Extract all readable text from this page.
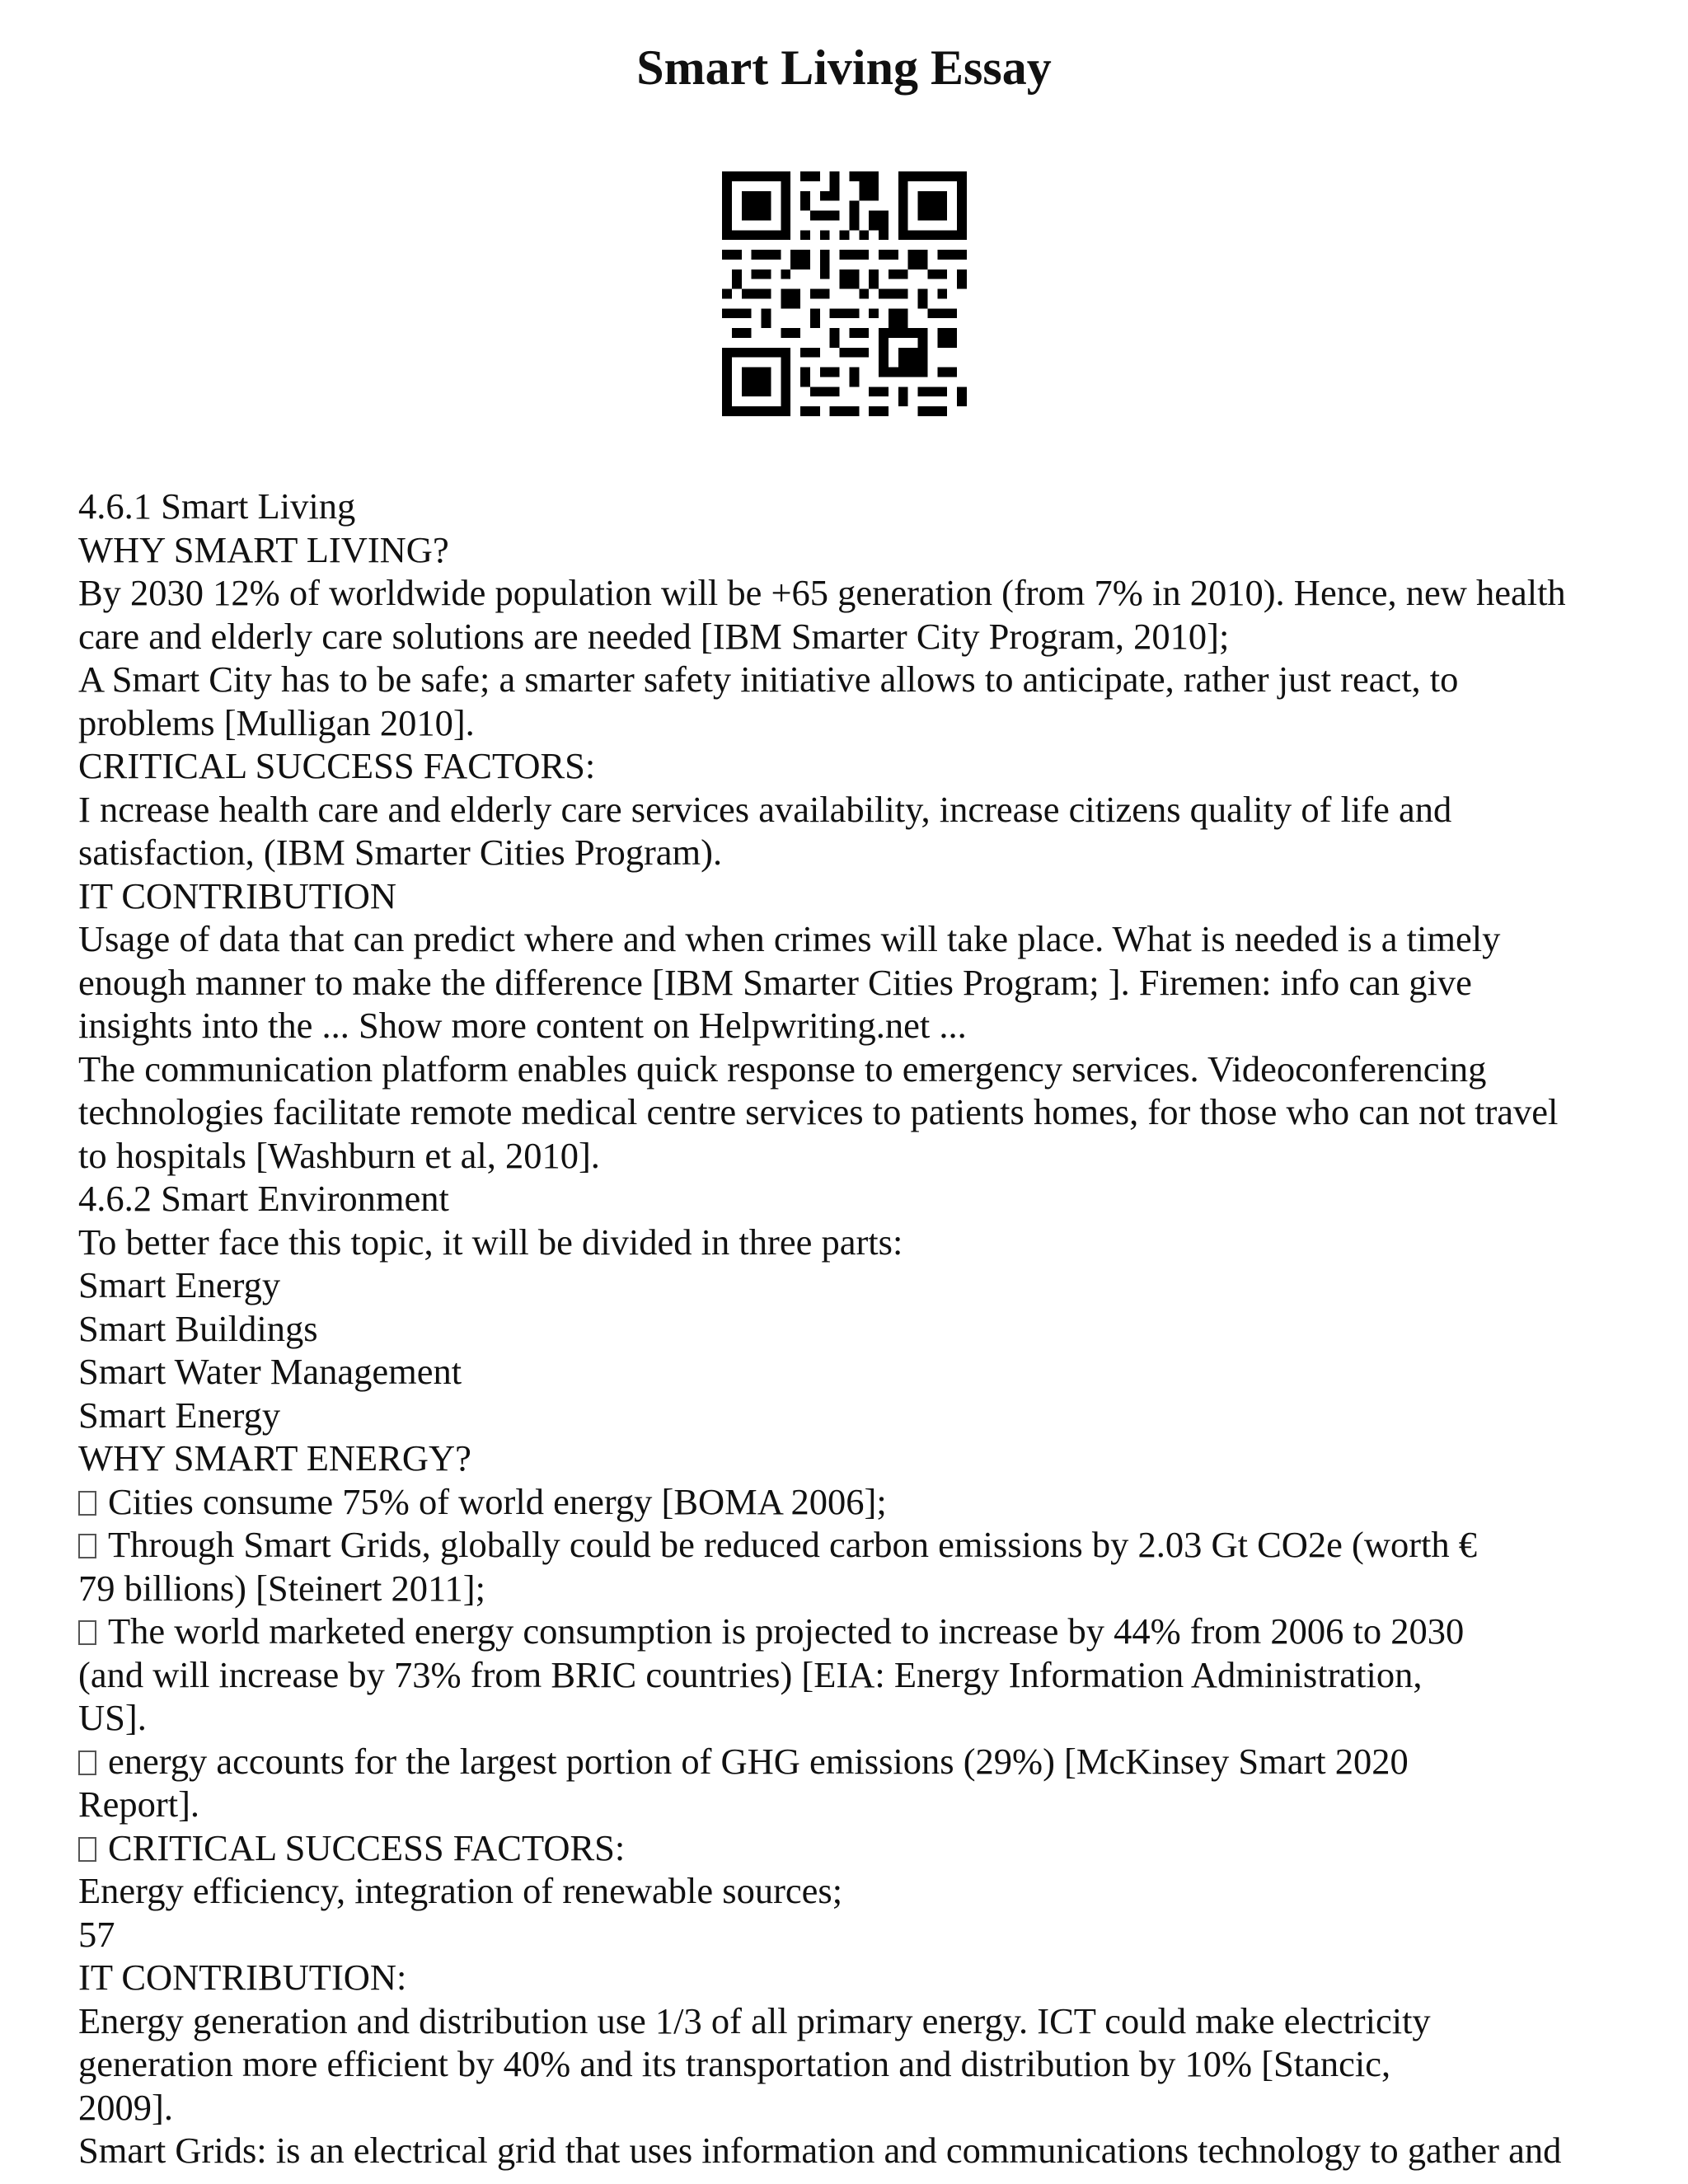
Smart Living Essay
4.6.1 Smart Living
WHY SMART LIVING?
By 2030 12% of worldwide population will be +65 generation (from 7% in 2010). Hence, new health
care and elderly care solutions are needed [IBM Smarter City Program, 2010];
A Smart City has to be safe; a smarter safety initiative allows to anticipate, rather just react, to
problems [Mulligan 2010].
CRITICAL SUCCESS FACTORS:
I ncrease health care and elderly care services availability, increase citizens quality of life and
satisfaction, (IBM Smarter Cities Program).
IT CONTRIBUTION
Usage of data that can predict where and when crimes will take place. What is needed is a timely
enough manner to make the difference [IBM Smarter Cities Program; ]. Firemen: info can give
insights into the ... Show more content on Helpwriting.net ...
The communication platform enables quick response to emergency services. Videoconferencing
technologies facilitate remote medical centre services to patients homes, for those who can not travel
to hospitals [Washburn et al, 2010].
4.6.2 Smart Environment
To better face this topic, it will be divided in three parts:
Smart Energy
Smart Buildings
Smart Water Management
Smart Energy
WHY SMART ENERGY?
Cities consume 75% of world energy [BOMA 2006];
Through Smart Grids, globally could be reduced carbon emissions by 2.03 Gt CO2e (worth €
79 billions) [Steinert 2011];
The world marketed energy consumption is projected to increase by 44% from 2006 to 2030
(and will increase by 73% from BRIC countries) [EIA: Energy Information Administration,
US].
energy accounts for the largest portion of GHG emissions (29%) [McKinsey Smart 2020
Report].
CRITICAL SUCCESS FACTORS:
Energy efficiency, integration of renewable sources;
57
IT CONTRIBUTION:
Energy generation and distribution use 1/3 of all primary energy. ICT could make electricity
generation more efficient by 40% and its transportation and distribution by 10% [Stancic,
2009].
Smart Grids: is an electrical grid that uses information and communications technology to gather and
